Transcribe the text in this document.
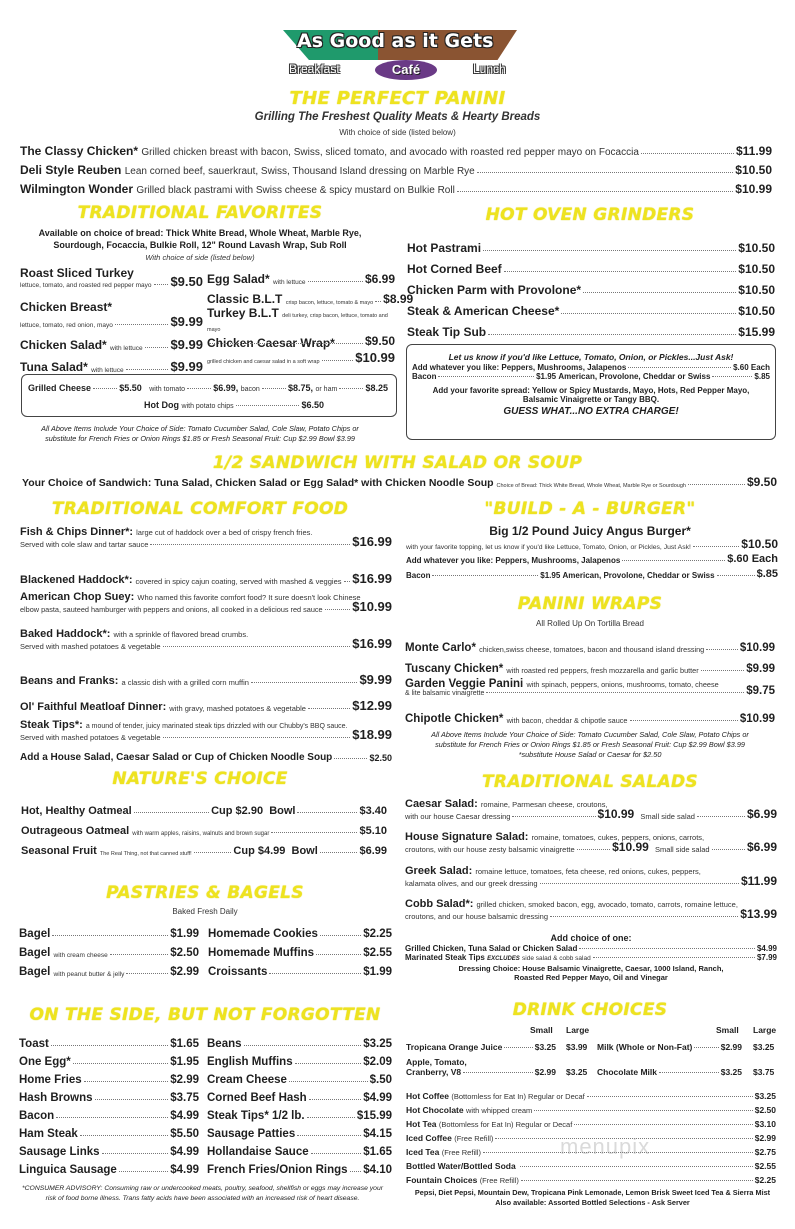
As Good as it Gets
Breakfast	Café	Lunch
THE PERFECT PANINI
Grilling The Freshest Quality Meats & Hearty Breads
With choice of side (listed below)
The Classy Chicken*
Grilled chicken breast with bacon, Swiss, sliced tomato, and avocado with roasted red pepper mayo on Focaccia	$11.99
Deli Style Reuben
Lean corned beef, sauerkraut, Swiss, Thousand Island dressing on Marble Rye	$10.50
Wilmington Wonder
Grilled black pastrami with Swiss cheese & spicy mustard on Bulkie Roll	$10.99
TRADITIONAL FAVORITES
Available on choice of bread: Thick White Bread, Whole Wheat, Marble Rye,
Sourdough, Focaccia, Bulkie Roll, 12" Round Lavash Wrap, Sub Roll
With choice of side (listed below)
Roast Sliced Turkey
lettuce, tomato, and roasted red pepper mayo $9.50
Chicken Breast*
lettuce, tomato, red onion, mayo	$9.99
Chicken Salad*
with lettuce $9.99
Tuna Salad*
with lettuce	$9.99
Egg Salad*
with lettuce	$6.99
Classic B.L.T
crisp bacon, lettuce, tomato & mayo $8.99
Turkey B.L.T deli turkey, crisp bacon, lettuce, tomato and mayo
$9.50
Chicken Caesar Wrap*
grilled chicken and caesar salad in a soft wrap	$10.99
Grilled Cheese	$5.50
with tomato	$6.99,
bacon	$8.75,
or ham	$8.25
Hot Dog
with potato chips	$6.50
All Above Items Include Your Choice of Side: Tomato Cucumber Salad, Cole Slaw, Potato Chips or
substitute for French Fries or Onion Rings $1.85 or Fresh Seasonal Fruit: Cup $2.99 Bowl $3.99
HOT OVEN GRINDERS
Hot Pastrami	$10.50
Hot Corned Beef	$10.50
Chicken Parm with Provolone*	$10.50
Steak & American Cheese*	$10.50
Steak Tip Sub	$15.99
Let us know if you'd like Lettuce, Tomato, Onion, or Pickles...Just Ask!
Add whatever you like: Peppers, Mushrooms, Jalapenos	$.60 Each
Bacon	$1.95
American, Provolone, Cheddar or Swiss	$.85
Add your favorite spread: Yellow or Spicy Mustards, Mayo, Hots, Red Pepper Mayo,
Balsamic Vinaigrette or Tangy BBQ.
GUESS WHAT...NO EXTRA CHARGE!
1/2 SANDWICH WITH SALAD OR SOUP
Your Choice of Sandwich: Tuna Salad, Chicken Salad or Egg Salad* with Chicken Noodle Soup
Choice of Bread: Thick White Bread, Whole Wheat, Marble Rye or Sourdough	$9.50
TRADITIONAL COMFORT FOOD
Fish & Chips Dinner*: large cut of haddock over a bed of crispy french fries.
Served with cole slaw and tartar sauce	$16.99
Blackened Haddock*:
covered in spicy cajun coating, served with mashed & veggies $16.99
American Chop Suey: Who named this favorite comfort food? It sure doesn't look Chinese
elbow pasta, sauteed hamburger with peppers and onions, all cooked in a delicious red sauce $10.99
Baked Haddock*: with a sprinkle of flavored bread crumbs.
Served with mashed potatoes & vegetable	$16.99
Beans and Franks:
a classic dish with a grilled corn muffin	$9.99
Ol' Faithful Meatloaf Dinner:
with gravy, mashed potatoes & vegetable	$12.99
Steak Tips*: a mound of tender, juicy marinated steak tips drizzled with our Chubby's BBQ sauce.
Served with mashed potatoes & vegetable	$18.99
Add a House Salad, Caesar Salad or Cup of Chicken Noodle Soup	$2.50
"BUILD - A - BURGER"
Big 1/2 Pound Juicy Angus Burger*
with your favorite topping, let us know if you'd like Lettuce, Tomato, Onion, or Pickles, Just Ask!	$10.50
Add whatever you like: Peppers, Mushrooms, Jalapenos	$.60 Each
Bacon	$1.95
American, Provolone, Cheddar or Swiss	$.85
PANINI WRAPS
All Rolled Up On Tortilla Bread
Monte Carlo*
chicken,swiss cheese, tomatoes, bacon and thousand island dressing	$10.99
Tuscany Chicken*
with roasted red peppers, fresh mozzarella and garlic butter	$9.99
Garden Veggie Panini with spinach, peppers, onions, mushrooms, tomato, cheese
& lite balsamic vinaigrette	$9.75
Chipotle Chicken*
with bacon, cheddar & chipotle sauce	$10.99
All Above Items Include Your Choice of Side: Tomato Cucumber Salad, Cole Slaw, Potato Chips or
substitute for French Fries or Onion Rings $1.85 or Fresh Seasonal Fruit: Cup $2.99 Bowl $3.99
*substitute House Salad or Caesar for $2.50
NATURE'S CHOICE
Hot, Healthy Oatmeal	Cup $2.90
Bowl	$3.40
Outrageous Oatmeal
with warm apples, raisins, walnuts and brown sugar	$5.10
Seasonal Fruit
The Real Thing, not that canned stuff!	Cup $4.99
Bowl	$6.99
TRADITIONAL SALADS
Caesar Salad: romaine, Parmesan cheese, croutons,
with our house Caesar dressing	$10.99
Small side salad	$6.99
House Signature Salad: romaine, tomatoes, cukes, peppers, onions, carrots,
croutons, with our house zesty balsamic vinaigrette	$10.99
Small side salad	$6.99
Greek Salad: romaine lettuce, tomatoes, feta cheese, red onions, cukes, peppers,
kalamata olives, and our greek dressing	$11.99
Cobb Salad*: grilled chicken, smoked bacon, egg, avocado, tomato, carrots, romaine lettuce,
croutons, and our house balsamic dressing	$13.99
Add choice of one:
Grilled Chicken, Tuna Salad or Chicken Salad	$4.99
Marinated Steak Tips
EXCLUDES
side salad & cobb salad	$7.99
Dressing Choice: House Balsamic Vinaigrette, Caesar, 1000 Island, Ranch,
Roasted Red Pepper Mayo, Oil and Vinegar
PASTRIES & BAGELS
Baked Fresh Daily
Bagel	$1.99
Bagel
with cream cheese	$2.50
Bagel
with peanut butter & jelly	$2.99
Homemade Cookies	$2.25
Homemade Muffins	$2.55
Croissants	$1.99
ON THE SIDE, BUT NOT FORGOTTEN
Toast	$1.65
One Egg*	$1.95
Home Fries	$2.99
Hash Browns	$3.75
Bacon	$4.99
Ham Steak	$5.50
Sausage Links	$4.99
Linguica Sausage	$4.99
Beans	$3.25
English Muffins	$2.09
Cream Cheese	$.50
Corned Beef Hash	$4.99
Steak Tips* 1/2 lb.	$15.99
Sausage Patties	$4.15
Hollandaise Sauce	$1.65
French Fries/Onion Rings $4.10
*CONSUMER ADVISORY: Consuming raw or undercooked meats, poultry, seafood, shellfish or eggs may increase your
risk of food borne illness. Trans fatty acids have been associated with an increased risk of heart disease.
DRINK CHOICES
Small Large	Small Large
Tropicana Orange Juice	$3.25 $3.99 Milk (Whole or Non-Fat)	$2.99 $3.25
Apple, Tomato,
Cranberry, V8	$2.99 $3.25 Chocolate Milk	$3.25 $3.75
Hot Coffee
(Bottomless for Eat In) Regular or Decaf	$3.25
Hot Chocolate
with whipped cream	$2.50
Hot Tea
(Bottomless for Eat In) Regular or Decaf	$3.10
Iced Coffee
(Free Refill)	$2.99
Iced Tea
(Free Refill)	$2.75
Bottled Water/Bottled Soda
	$2.55
Fountain Choices
(Free Refill)	$2.25
Pepsi, Diet Pepsi, Mountain Dew, Tropicana Pink Lemonade, Lemon Brisk Sweet Iced Tea & Sierra Mist
Also available: Assorted Bottled Selections - Ask Server
menupix
